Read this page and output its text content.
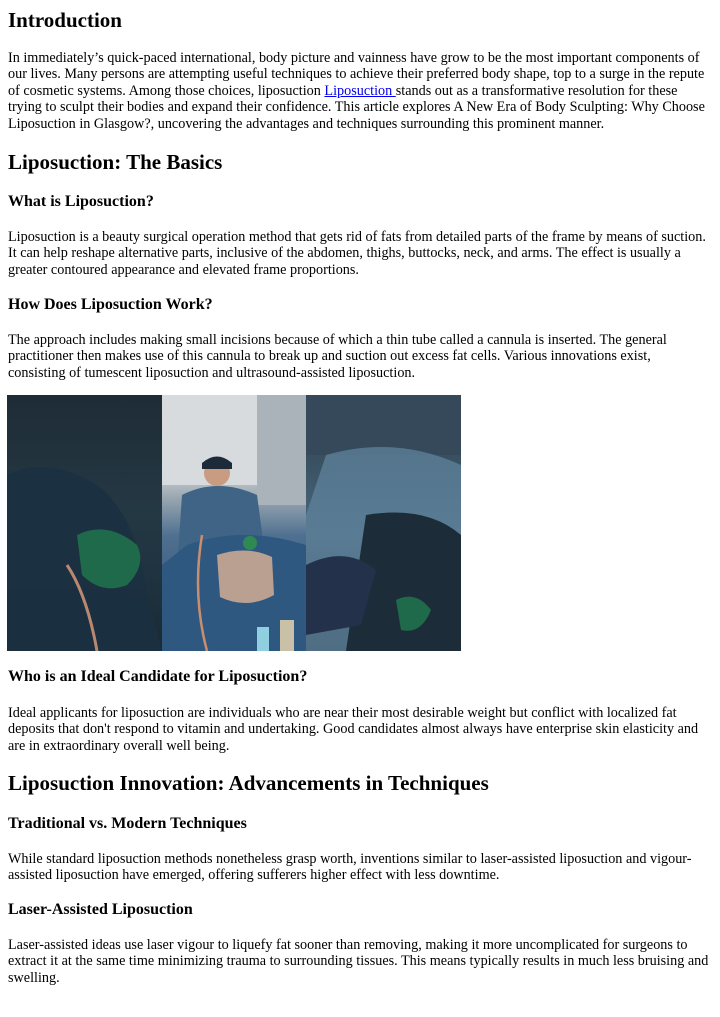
Introduction

In immediately’s quick-paced international, body picture and vainness have grow to be the most important components of our lives. Many persons are attempting useful techniques to achieve their preferred body shape, top to a surge in the repute of cosmetic systems. Among those choices, liposuction Liposuction stands out as a transformative resolution for these trying to sculpt their bodies and expand their confidence. This article explores A New Era of Body Sculpting: Why Choose Liposuction in Glasgow?, uncovering the advantages and techniques surrounding this prominent manner.

Liposuction: The Basics
What is Liposuction?

Liposuction is a beauty surgical operation method that gets rid of fats from detailed parts of the frame by means of suction. It can help reshape alternative parts, inclusive of the abdomen, thighs, buttocks, neck, and arms. The effect is usually a greater contoured appearance and elevated frame proportions.

How Does Liposuction Work?

The approach includes making small incisions because of which a thin tube called a cannula is inserted. The general practitioner then makes use of this cannula to break up and suction out excess fat cells. Various innovations exist, consisting of tumescent liposuction and ultrasound-assisted liposuction.

Who is an Ideal Candidate for Liposuction?

Ideal applicants for liposuction are individuals who are near their most desirable weight but conflict with localized fat deposits that don't respond to vitamin and undertaking. Good candidates almost always have enterprise skin elasticity and are in extraordinary overall well being.

Liposuction Innovation: Advancements in Techniques
Traditional vs. Modern Techniques

While standard liposuction methods nonetheless grasp worth, inventions similar to laser-assisted liposuction and vigour-assisted liposuction have emerged, offering sufferers higher effect with less downtime.

Laser-Assisted Liposuction

Laser-assisted ideas use laser vigour to liquefy fat sooner than removing, making it more uncomplicated for surgeons to extract it at the same time minimizing trauma to surrounding tissues. This means typically results in much less bruising and swelling.
